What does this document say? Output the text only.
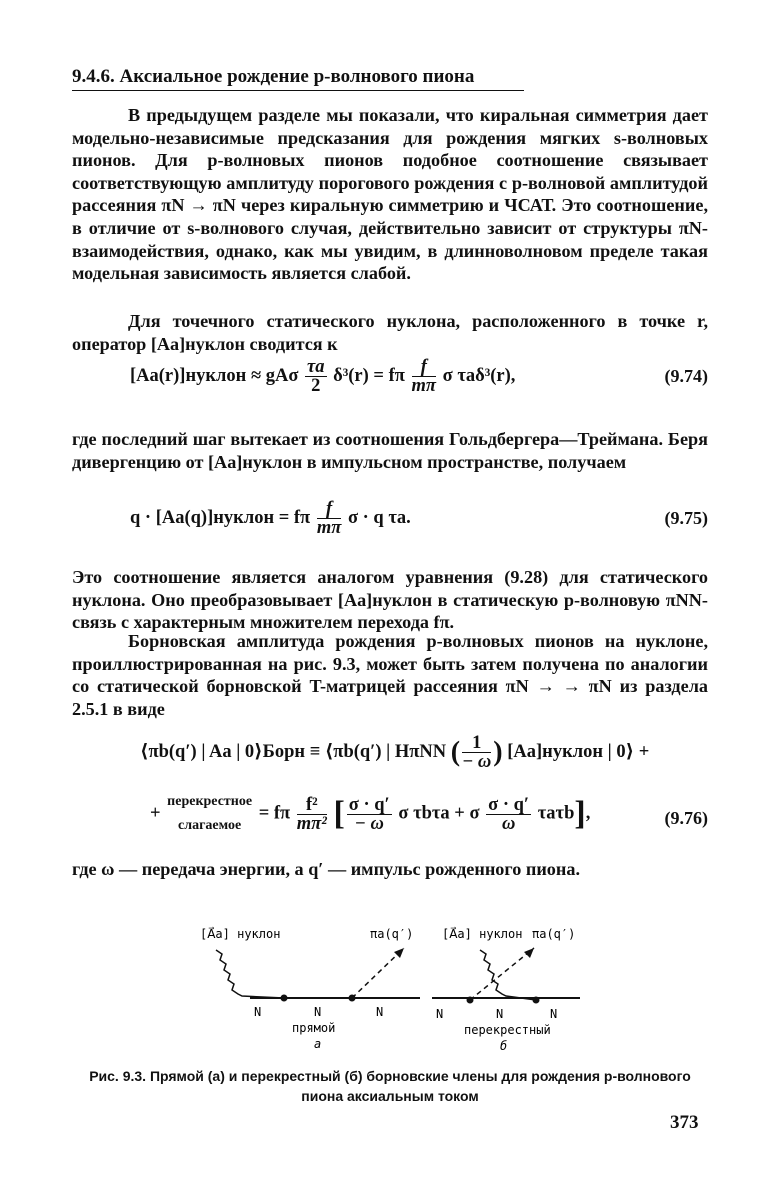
9.4.6. Аксиальное рождение р-волнового пиона

В предыдущем разделе мы показали, что киральная симметрия дает модельно-независимые предсказания для рождения мягких s-волновых пионов. Для р-волновых пионов подобное соотношение связывает соответствующую амплитуду порогового рождения с р-волновой амплитудой рассеяния πN → πN через киральную симметрию и ЧСАТ. Это соотношение, в отличие от s-волнового случая, действительно зависит от структуры πN-взаимодействия, однако, как мы увидим, в длинноволновом пределе такая модельная зависимость является слабой.

Для точечного статического нуклона, расположенного в точке r, оператор [Aa]нуклон сводится к

[Aa(r)]нуклон ≈ gAσ $\frac{\tau a}{2} \delta^3(r) = f\pi \frac{f}{m\pi}$ σ τaδ³(r),	(9.74)

где последний шаг вытекает из соотношения Гольдбергера—Треймана. Беря дивергенцию от [Aa]нуклон в импульсном пространстве, получаем

q · [Aa(q)]нуклон = fπ $\frac{f}{m\pi}$ σ · q τa.	(9.75)

Это соотношение является аналогом уравнения (9.28) для статического нуклона. Оно преобразовывает [Aa]нуклон в статическую р-волновую πNN-связь с характерным множителем перехода fπ.

Борновская амплитуда рождения р-волновых пионов на нуклоне, проиллюстрированная на рис. 9.3, может быть затем получена по аналогии со статической борновской T-матрицей рассеяния πN → → πN из раздела 2.5.1 в виде

⟨πb(q′) | Aa | 0⟩Борн ≡ ⟨πb(q′) | HπNN ( $\frac{1}{- \omega}$ ) [Aa]нуклон | 0⟩ +
+
перекрестное
слагаемое
= fπ $\frac{\text{f²}}{\text{mπ²}}$ [ $\frac{\sigma \cdot q'}{- \omega}$ σ τbτa + σ $\frac{\sigma \cdot q'}{\omega} \tau a\tau b$],	(9.76)

где ω — передача энергии, а q′ — импульс рожденного пиона.

[A⃗a] нуклон	πa(q′)
N	N	N
прямой
а
[A⃗a] нуклон πa(q′)
N	N	N
перекрестный
б
Рис. 9.3. Прямой (а) и перекрестный (б) борновские члены для рождения р-волнового пиона аксиальным током
373
